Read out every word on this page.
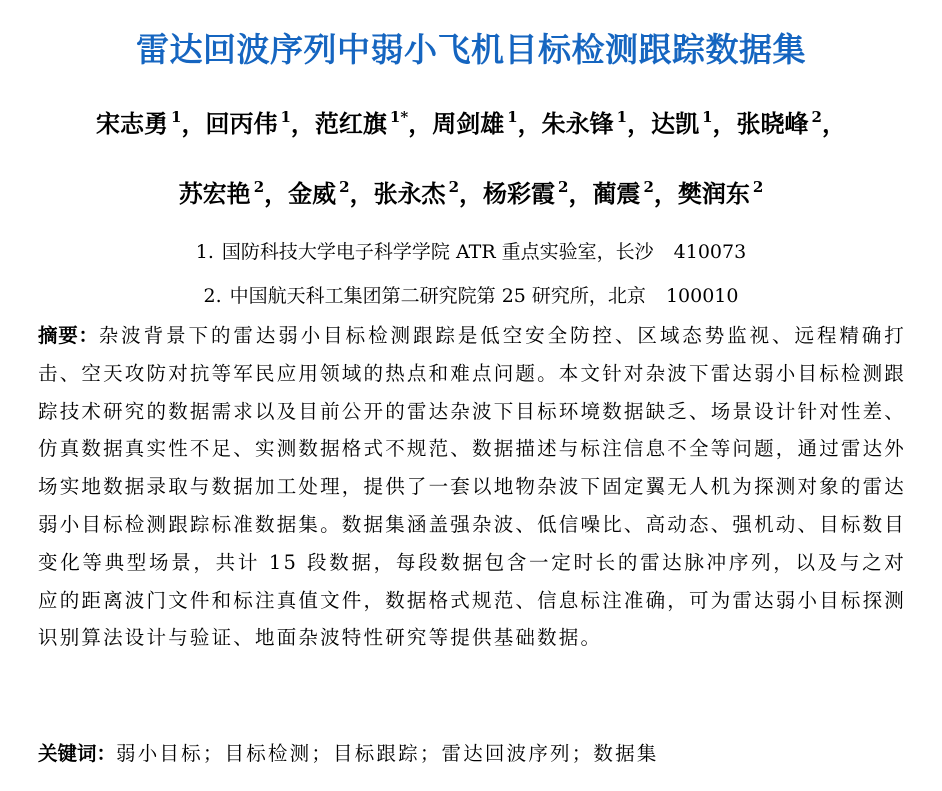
雷达回波序列中弱小飞机目标检测跟踪数据集
宋志勇 $^1$，回丙伟 $^1$，范红旗 $^{1*}$，周剑雄 $^1$，朱永锋 $^1$，达凯 $^1$，张晓峰 $^2$，
苏宏艳 $^2$，金威 $^2$，张永杰 $^2$，杨彩霞 $^2$，蔺震 $^2$，樊润东 $^2$
1. 国防科技大学电子科学学院 ATR 重点实验室，长沙 410073
2. 中国航天科工集团第二研究院第 25 研究所，北京 100010
摘要：杂波背景下的雷达弱小目标检测跟踪是低空安全防控、区域态势监视、远程精确打击、空天攻防对抗等军民应用领域的热点和难点问题。本文针对杂波下雷达弱小目标检测跟踪技术研究的数据需求以及目前公开的雷达杂波下目标环境数据缺乏、场景设计针对性差、仿真数据真实性不足、实测数据格式不规范、数据描述与标注信息不全等问题，通过雷达外场实地数据录取与数据加工处理，提供了一套以地物杂波下固定翼无人机为探测对象的雷达弱小目标检测跟踪标准数据集。数据集涵盖强杂波、低信噪比、高动态、强机动、目标数目变化等典型场景，共计 15 段数据，每段数据包含一定时长的雷达脉冲序列，以及与之对应的距离波门文件和标注真值文件，数据格式规范、信息标注准确，可为雷达弱小目标探测识别算法设计与验证、地面杂波特性研究等提供基础数据。
关键词：弱小目标；目标检测；目标跟踪；雷达回波序列；数据集
